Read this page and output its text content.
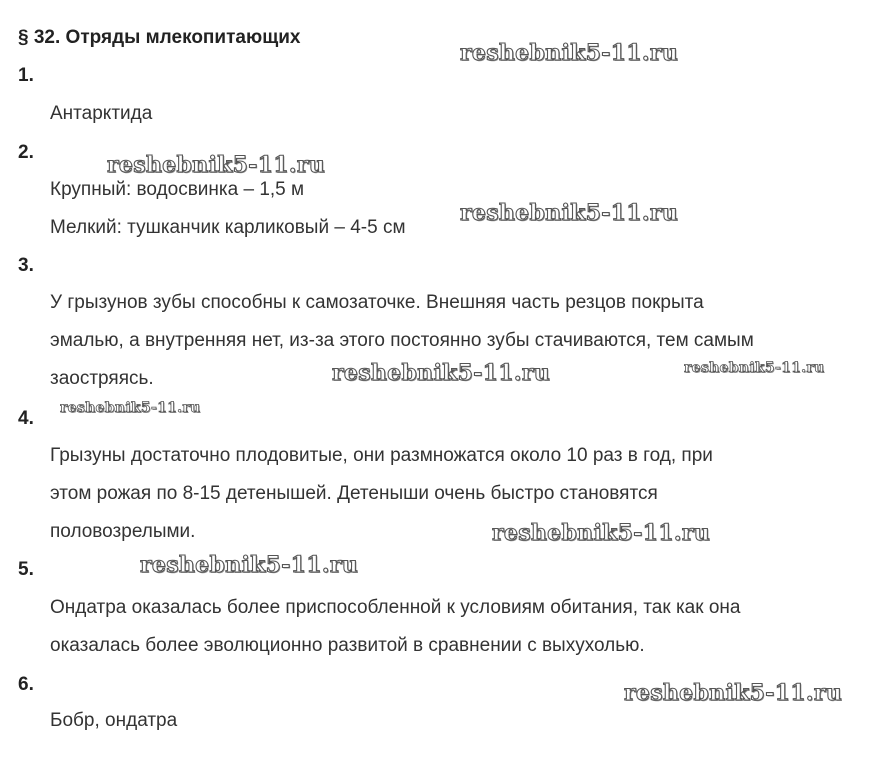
§ 32. Отряды млекопитающих
1.

Антарктида

2.

Крупный: водосвинка – 1,5 м

Мелкий: тушканчик карликовый – 4-5 см

3.

У грызунов зубы способны к самозаточке. Внешняя часть резцов покрыта

эмалью, а внутренняя нет, из-за этого постоянно зубы стачиваются, тем самым

заостряясь.

4.

Грызуны достаточно плодовитые, они размножатся около 10 раз в год, при

этом рожая по 8-15 детенышей. Детеныши очень быстро становятся

половозрелыми.

5.

Ондатра оказалась более приспособленной к условиям обитания, так как она

оказалась более эволюционно развитой в сравнении с выхухолью.

6.

Бобр, ондатра

reshebnik5-11.ru
reshebnik5-11.ru
reshebnik5-11.ru
reshebnik5-11.ru	reshebnik5-11.ru
reshebnik5-11.ru
reshebnik5-11.ru
reshebnik5-11.ru
reshebnik5-11.ru
